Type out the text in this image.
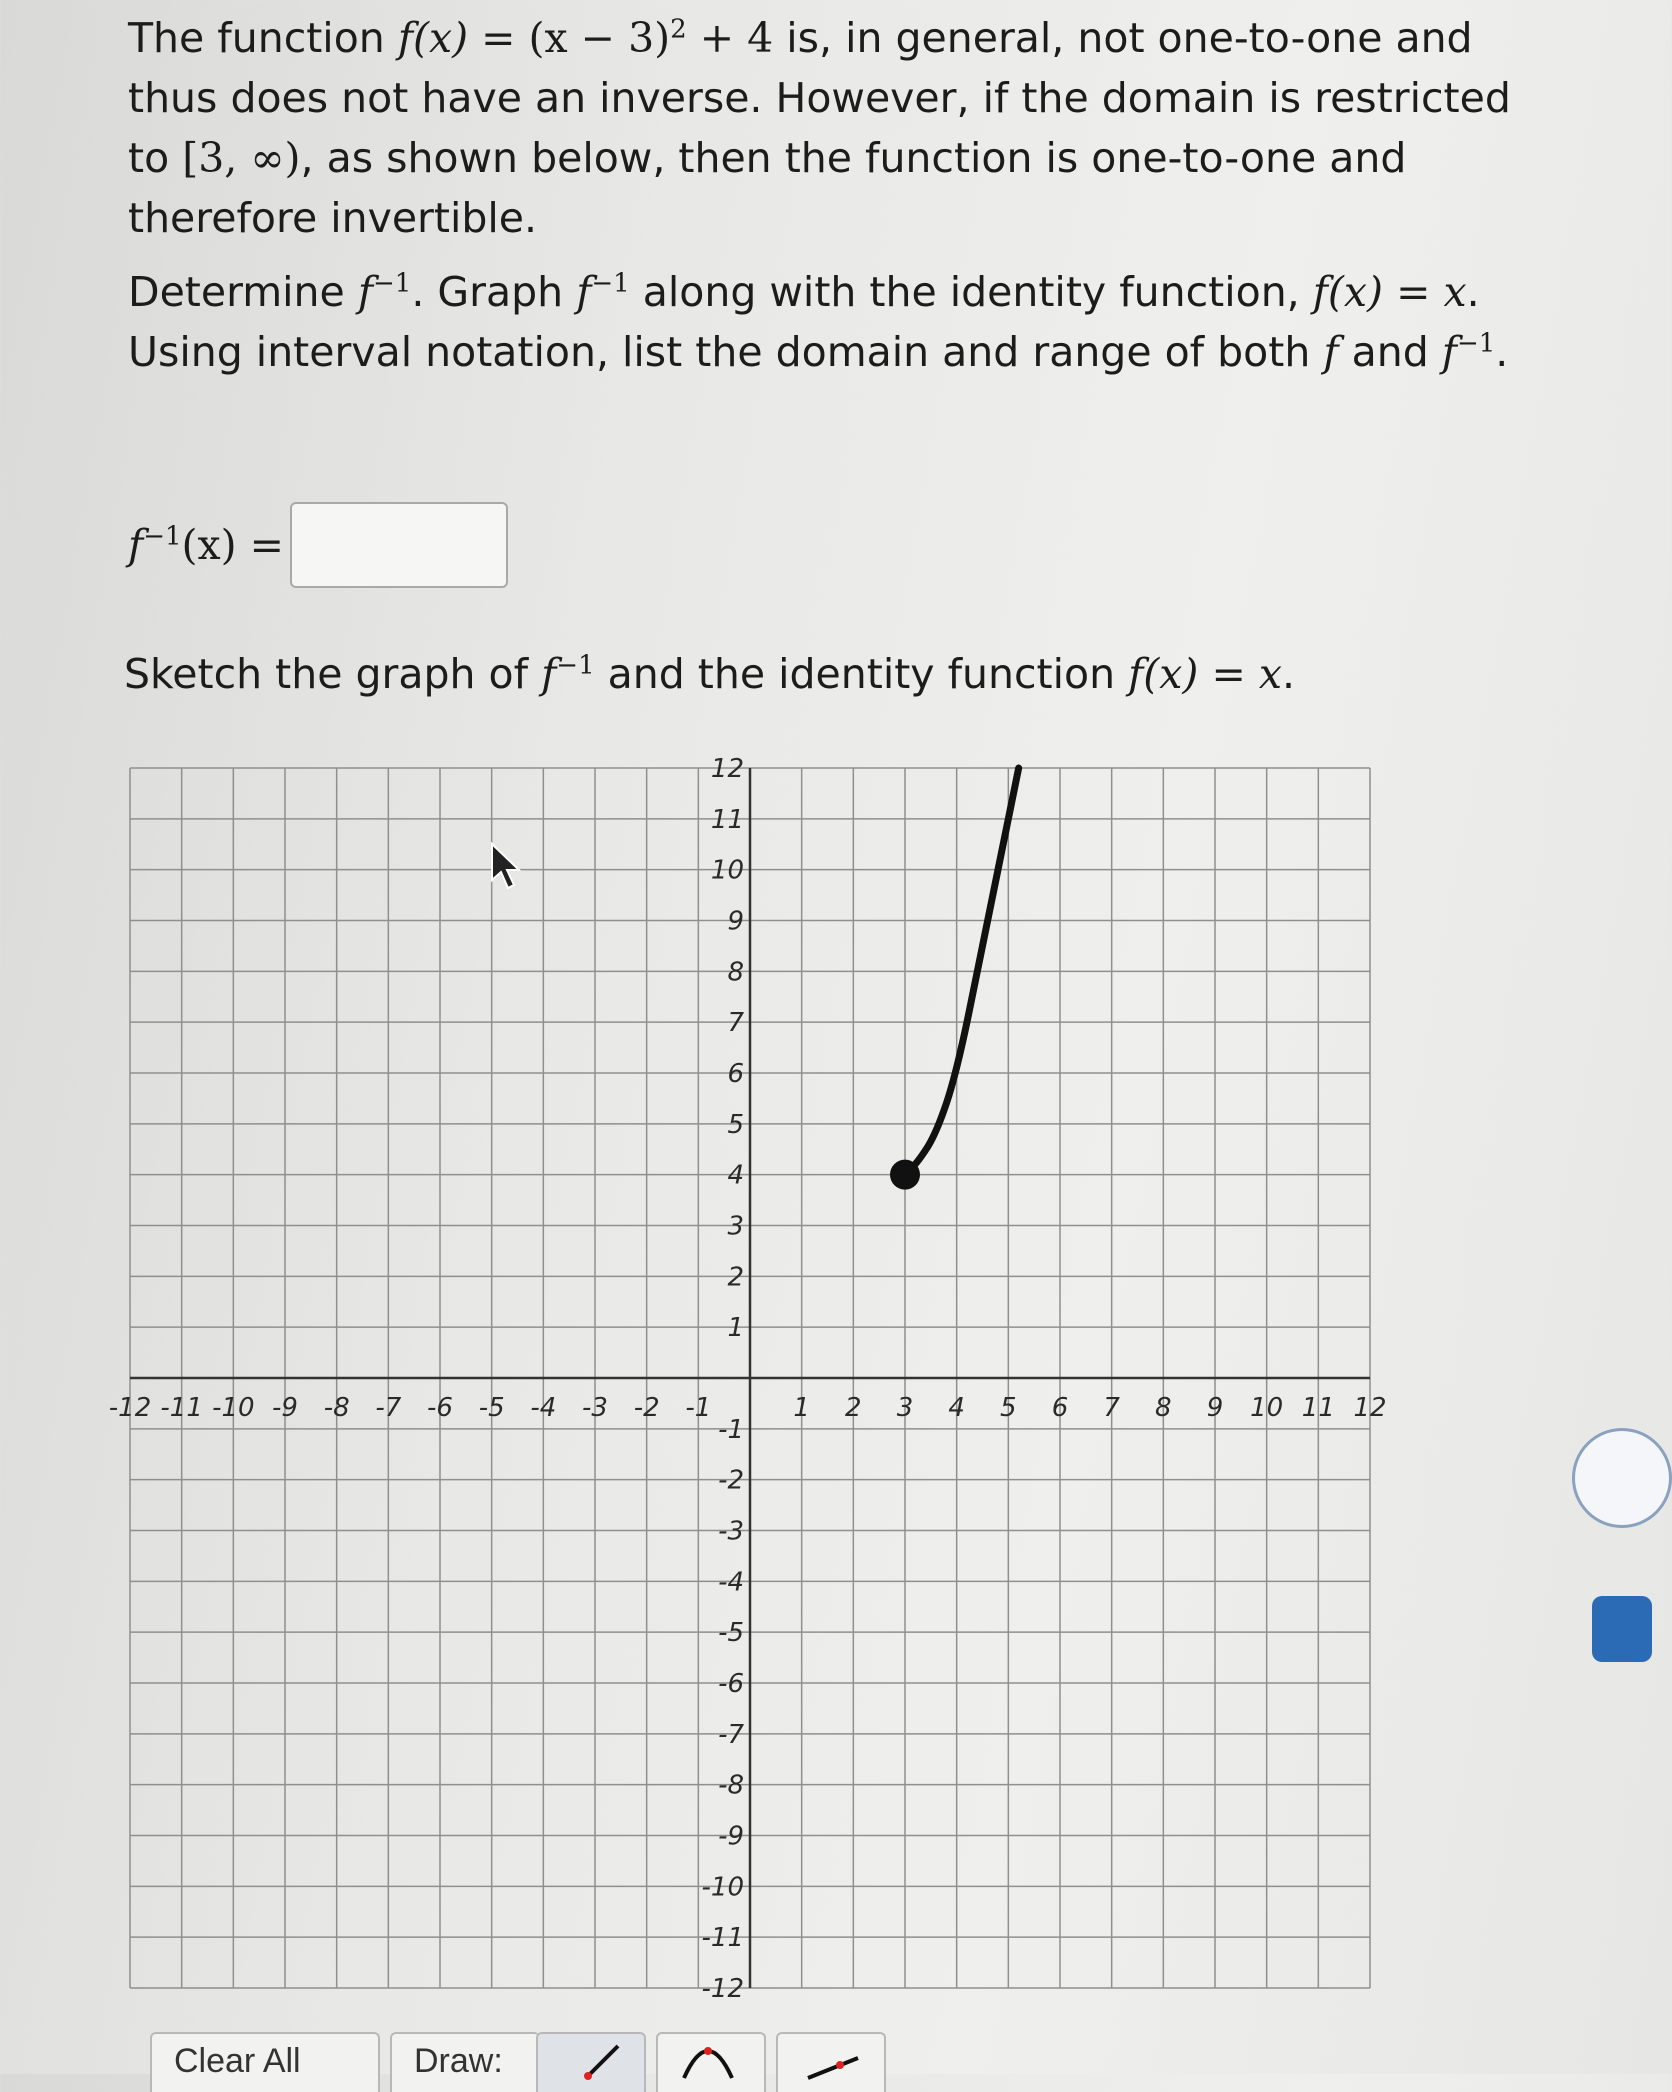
The function $f(x) = (x - 3)^2 + 4$ is, in general, not one-to-one and thus does not have an inverse. However, if the domain is restricted to [3, ∞), as shown below, then the function is one-to-one and therefore invertible.

Determine $f^{-1}$. Graph $f^{-1}$ along with the identity function, f(x) = x. Using interval notation, list the domain and range of both f and $f^{-1}$.

$f^{-1}(x)$ =

Sketch the graph of $f^{-1}$ and the identity function f(x) = x.

-12 -11 -10 -9 -8 -7 -6 -5 -4 -3 -2 -1	1 2 3 4 5 6 7 8 9 10 11 12
-12
-11
-10
-9
-8
-7
-6
-5
-4
-3
-2
-1
1
2
3
4
5
6
7
8
9
10
11
12
Clear All	Draw:
